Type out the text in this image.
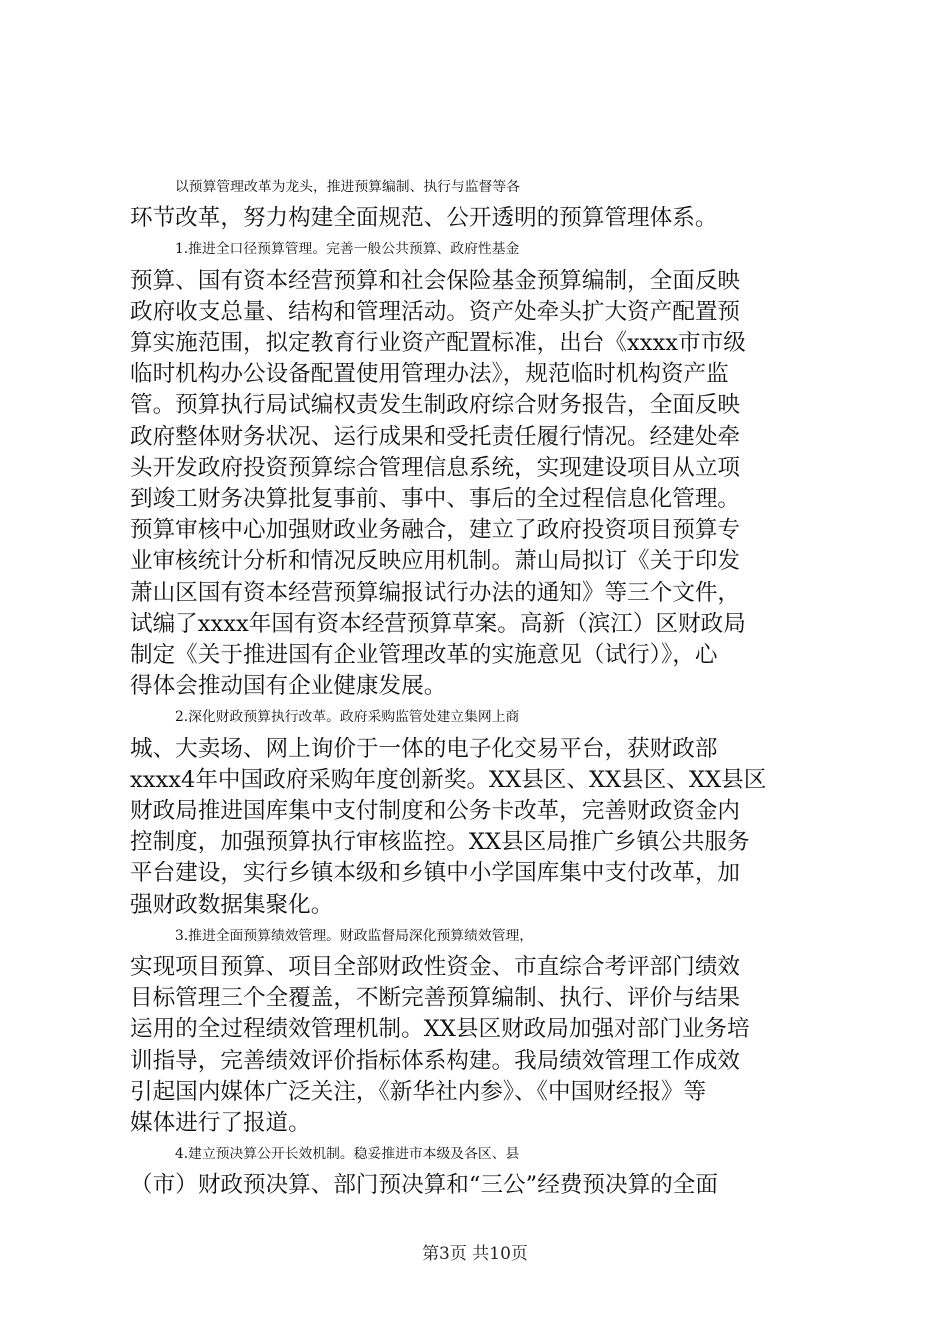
以预算管理改革为龙头，推进预算编制、执行与监督等各
环节改革，努力构建全面规范、公开透明的预算管理体系。
1.推进全口径预算管理。完善一般公共预算、政府性基金
预算、国有资本经营预算和社会保险基金预算编制，全面反映
政府收支总量、结构和管理活动。资产处牵头扩大资产配置预
算实施范围，拟定教育行业资产配置标准，出台《xxxx市市级
临时机构办公设备配置使用管理办法》，规范临时机构资产监
管。预算执行局试编权责发生制政府综合财务报告，全面反映
政府整体财务状况、运行成果和受托责任履行情况。经建处牵
头开发政府投资预算综合管理信息系统，实现建设项目从立项
到竣工财务决算批复事前、事中、事后的全过程信息化管理。
预算审核中心加强财政业务融合，建立了政府投资项目预算专
业审核统计分析和情况反映应用机制。萧山局拟订《关于印发
萧山区国有资本经营预算编报试行办法的通知》等三个文件，
试编了xxxx年国有资本经营预算草案。高新（滨江）区财政局
制定《关于推进国有企业管理改革的实施意见（试行）》，心
得体会推动国有企业健康发展。
2.深化财政预算执行改革。政府采购监管处建立集网上商
城、大卖场、网上询价于一体的电子化交易平台，获财政部
xxxx4年中国政府采购年度创新奖。XX县区、XX县区、XX县区
财政局推进国库集中支付制度和公务卡改革，完善财政资金内
控制度，加强预算执行审核监控。XX县区局推广乡镇公共服务
平台建设，实行乡镇本级和乡镇中小学国库集中支付改革，加
强财政数据集聚化。
3.推进全面预算绩效管理。财政监督局深化预算绩效管理，
实现项目预算、项目全部财政性资金、市直综合考评部门绩效
目标管理三个全覆盖，不断完善预算编制、执行、评价与结果
运用的全过程绩效管理机制。XX县区财政局加强对部门业务培
训指导，完善绩效评价指标体系构建。我局绩效管理工作成效
引起国内媒体广泛关注，《新华社内参》、《中国财经报》等
媒体进行了报道。
4.建立预决算公开长效机制。稳妥推进市本级及各区、县
（市）财政预决算、部门预决算和“三公”经费预决算的全面
第3页 共10页
